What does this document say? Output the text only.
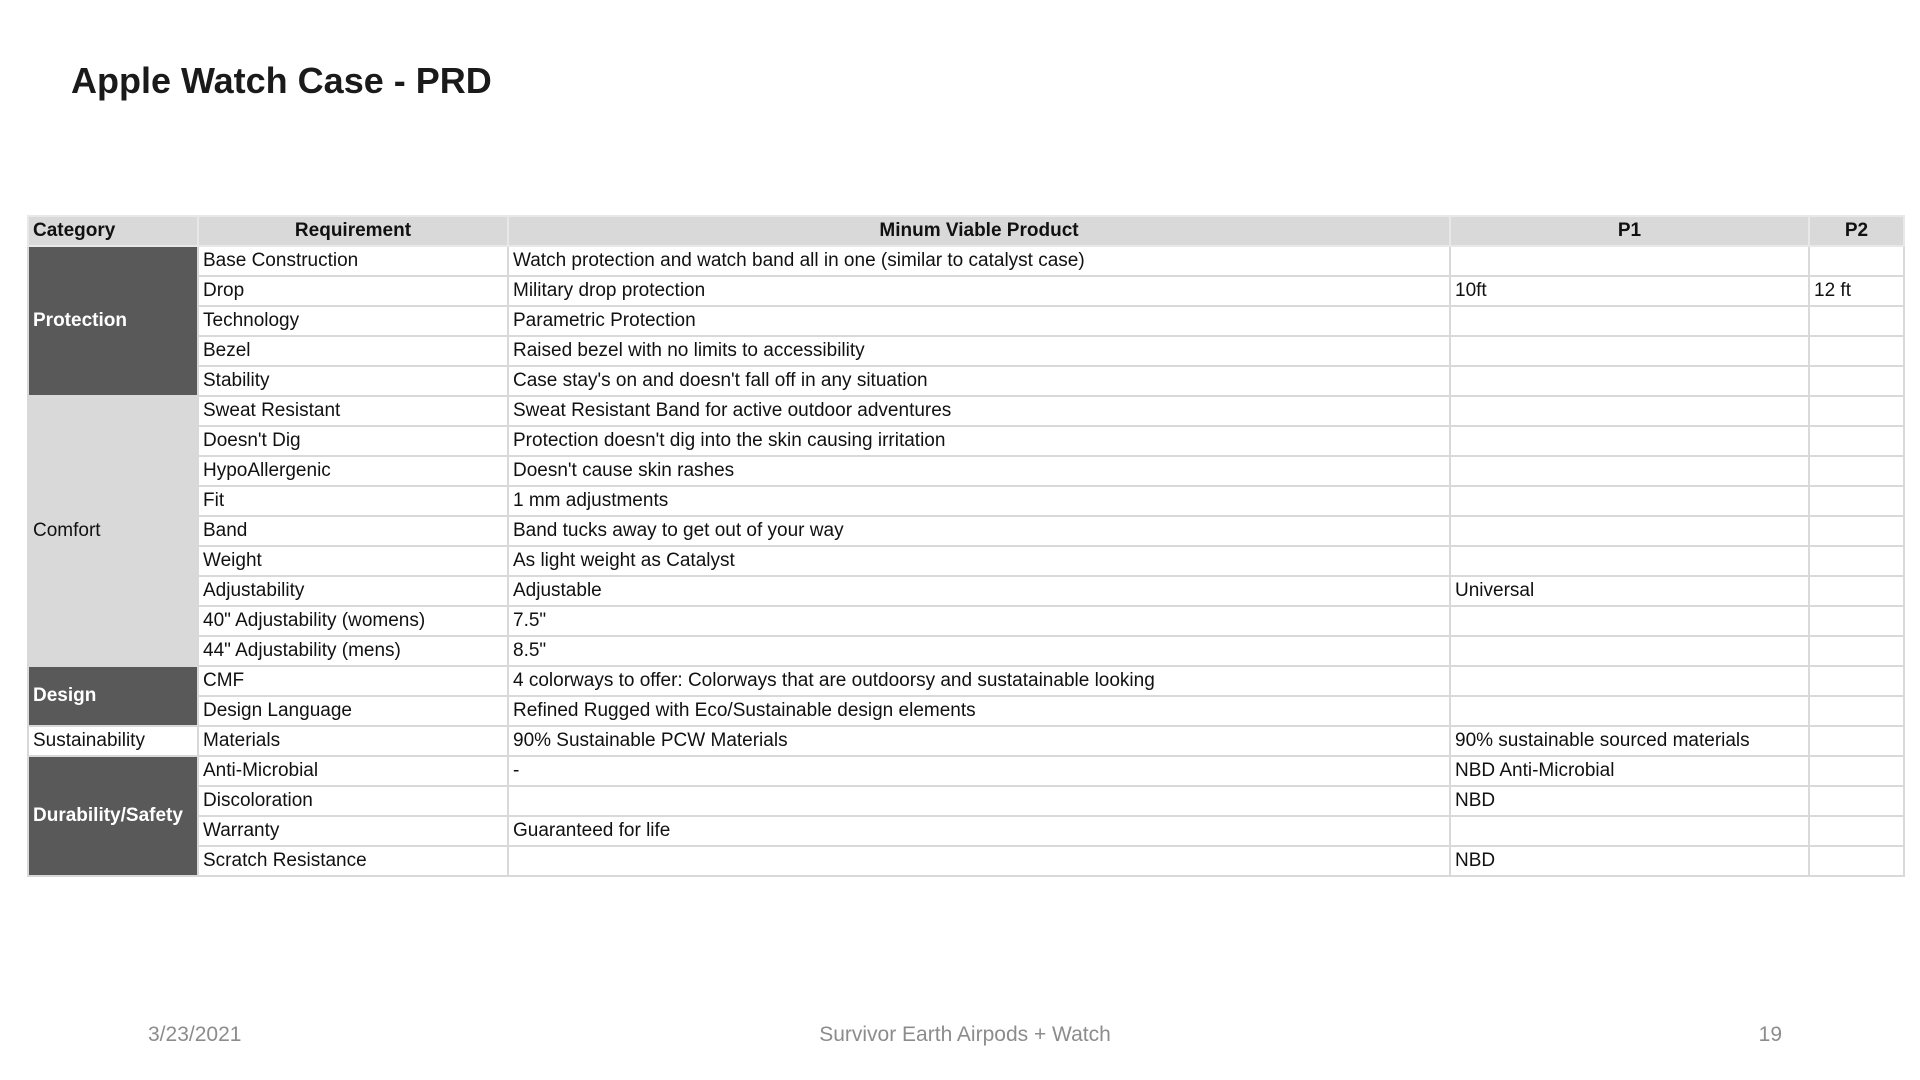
Apple Watch Case - PRD
Category	Requirement	Minum Viable Product	P1	P2
Protection	Base Construction	Watch protection and watch band all in one (similar to catalyst case)		
	Drop	Military drop protection	10ft	12 ft
	Technology	Parametric Protection		
	Bezel	Raised bezel with no limits to accessibility		
	Stability	Case stay's on and doesn't fall off in any situation		
Comfort	Sweat Resistant	Sweat Resistant Band for active outdoor adventures		
	Doesn't Dig	Protection doesn't dig into the skin causing irritation		
	HypoAllergenic	Doesn't cause skin rashes		
	Fit	1 mm adjustments		
	Band	Band tucks away to get out of your way		
	Weight	As light weight as Catalyst		
	Adjustability	Adjustable	Universal	
	40" Adjustability (womens)	7.5"		
	44" Adjustability (mens)	8.5"		
Design	CMF	4 colorways to offer: Colorways that are outdoorsy and sustatainable looking		
	Design Language	Refined Rugged with Eco/Sustainable design elements		
Sustainability	Materials	90% Sustainable PCW Materials	90% sustainable sourced materials	
Durability/Safety	Anti-Microbial	-	NBD Anti-Microbial	
	Discoloration		NBD	
	Warranty	Guaranteed for life		
	Scratch Resistance		NBD	
3/23/2021	Survivor Earth Airpods + Watch	19
